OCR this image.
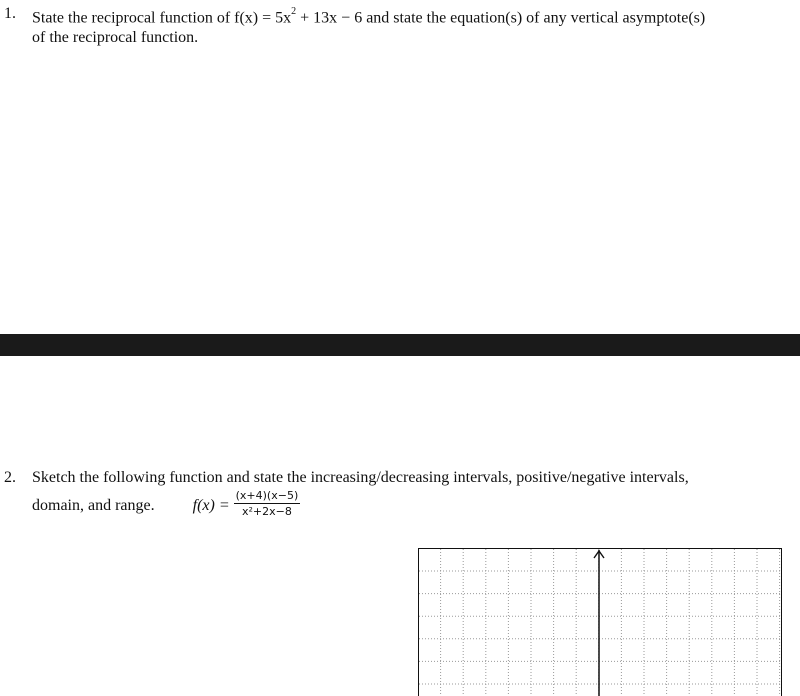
1. State the reciprocal function of $f(x) = 5x^2 + 13x - 6$ and state the equation(s) of any vertical asymptote(s)
of the reciprocal function.
2. Sketch the following function and state the increasing/decreasing intervals, positive/negative intervals,
domain, and range. $f(x) = \frac{(x+4)(x-5)}{\text{x²+2x−8}}$
